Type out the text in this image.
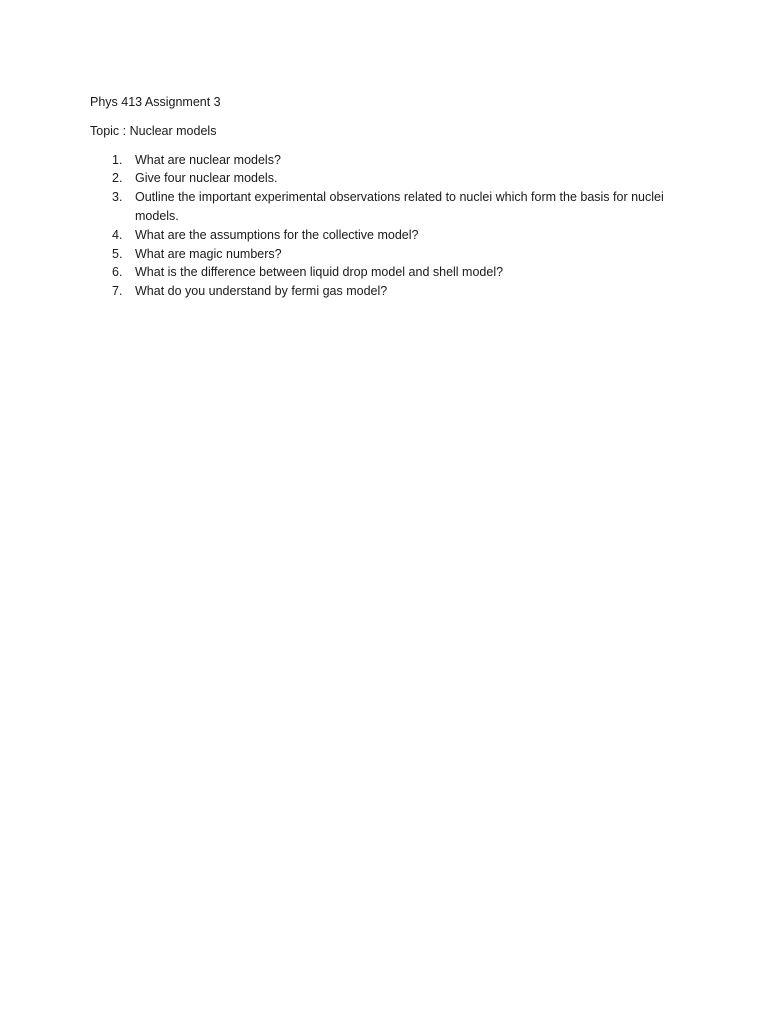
Phys 413 Assignment 3
Topic : Nuclear models
1. What are nuclear models?
2. Give four nuclear models.
3. Outline the important experimental observations related to nuclei which form the basis for nuclei models.
4. What are the assumptions for the collective model?
5. What are magic numbers?
6. What is the difference between liquid drop model and shell model?
7. What do you understand by fermi gas model?
